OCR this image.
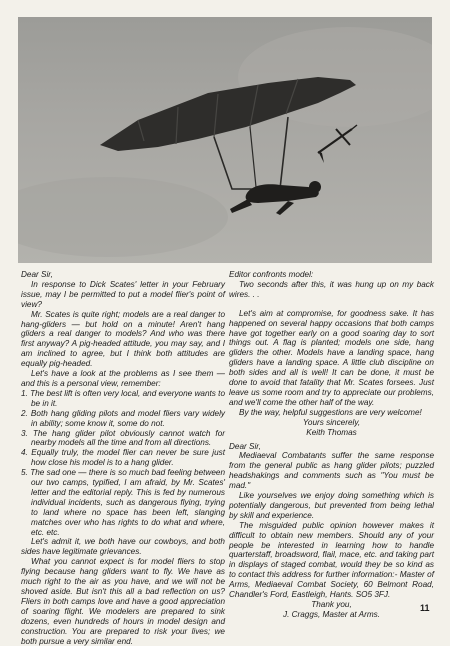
Dear Sir,

In response to Dick Scates' letter in your February issue, may I be permitted to put a model flier's point of view?

Mr. Scates is quite right; models are a real danger to hang-gliders — but hold on a minute! Aren't hang gliders a real danger to models? And who was there first anyway? A pig-headed attitude, you may say, and I am inclined to agree, but I think both attitudes are equally pig-headed.

Let's have a look at the problems as I see them — and this is a personal view, remember:

1. The best lift is often very local, and everyone wants to be in it.
2. Both hang gliding pilots and model fliers vary widely in ability; some know it, some do not.
3. The hang glider pilot obviously cannot watch for nearby models all the time and from all directions.
4. Equally truly, the model flier can never be sure just how close his model is to a hang glider.
5. The sad one — there is so much bad feeling between our two camps, typified, I am afraid, by Mr. Scates' letter and the editorial reply. This is fed by numerous individual incidents, such as dangerous flying, trying to land where no space has been left, slanging matches over who has rights to do what and where, etc. etc.

Let's admit it, we both have our cowboys, and both sides have legitimate grievances.

What you cannot expect is for model fliers to stop flying because hang gliders want to fly. We have as much right to the air as you have, and we will not be shoved aside. But isn't this all a bad reflection on us? Fliers in both camps love and have a good appreciation of soaring flight. We modelers are prepared to sink dozens, even hundreds of hours in model design and construction. You are prepared to risk your lives; we both pursue a very similar end.

Editor confronts model:

Two seconds after this, it was hung up on my back wires. . .

Let's aim at compromise, for goodness sake. It has happened on several happy occasions that both camps have got together early on a good soaring day to sort things out. A flag is planted; models one side, hang gliders the other. Models have a landing space, hang gliders have a landing space. A little club discipline on both sides and all is well! It can be done, it must be done to avoid that fatality that Mr. Scates forsees. Just leave us some room and try to appreciate our problems, and we'll come the other half of the way.

By the way, helpful suggestions are very welcome!

Yours sincerely,

Keith Thomas

Dear Sir,

Mediaeval Combatants suffer the same response from the general public as hang glider pilots; puzzled headshakings and comments such as "You must be mad."

Like yourselves we enjoy doing something which is potentially dangerous, but prevented from being lethal by skill and experience.

The misguided public opinion however makes it difficult to obtain new members. Should any of your people be interested in learning how to handle quarterstaff, broadsword, flail, mace, etc. and taking part in displays of staged combat, would they be so kind as to contact this address for further information:- Master of Arms, Mediaeval Combat Society, 60 Belmont Road, Chandler's Ford, Eastleigh, Hants. SO5 3FJ.

Thank you,

J. Craggs, Master at Arms.

11
